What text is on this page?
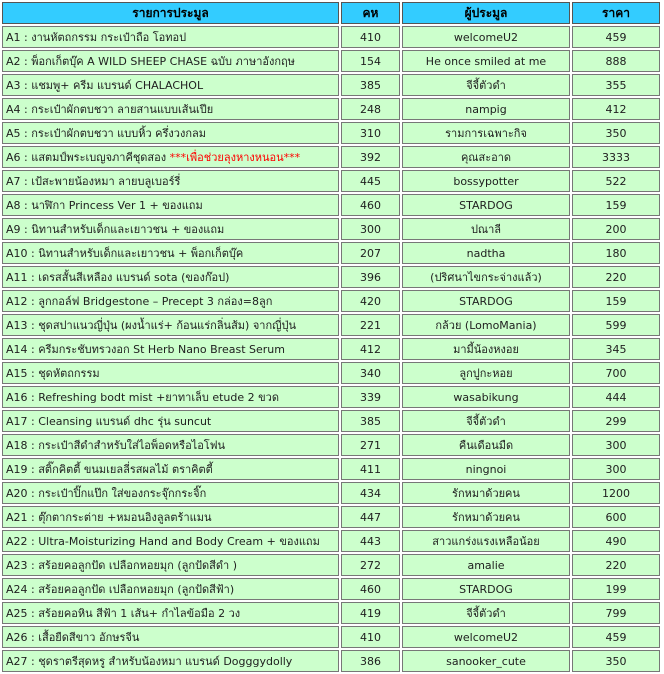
รายการประมูล	คห	ผู้ประมูล	ราคา
A1 : งานหัตถกรรม กระเป๋าถือ โอทอป	410	welcomeU2	459
A2 : พ็อกเก็ตบุ๊ค A WILD SHEEP CHASE ฉบับ ภาษาอังกฤษ	154	He once smiled at me	888
A3 : แชมพู+ ครีม แบรนด์ CHALACHOL	385	จีจี้ตัวดำ	355
A4 : กระเป๋าผักตบชวา ลายสานแบบเส้นเปีย	248	nampig	412
A5 : กระเป๋าผักตบชวา แบบหิ้ว ครึ่งวงกลม	310	รามการเฉพาะกิจ	350
A6 : แสตมป์พระเบญจภาคีชุดสอง ***เพื่อช่วยลุงหางหนอน***	392	คุณสะอาด	3333
A7 : เป้สะพายน้องหมา ลายบลูเบอร์รี่	445	bossypotter	522
A8 : นาฬิกา Princess Ver 1 + ของแถม	460	STARDOG	159
A9 : นิทานสำหรับเด็กและเยาวชน + ของแถม	300	ปณาลี	200
A10 : นิทานสำหรับเด็กและเยาวชน + พ็อกเก็ตบุ๊ค	207	nadtha	180
A11 : เดรสสั้นสีเหลือง แบรนด์ sota (ของก๊อป)	396	(ปริศนาไขกระจ่างแล้ว)	220
A12 : ลูกกอล์ฟ Bridgestone – Precept 3 กล่อง=8ลูก	420	STARDOG	159
A13 : ชุดสปาแนวญี่ปุ่น (ผงน้ำแร่+ ก้อนแร่กลิ่นส้ม) จากญี่ปุ่น	221	กล้วย (LomoMania)	599
A14 : ครีมกระชับทรวงอก St Herb Nano Breast Serum	412	มามี้น้องหงอย	345
A15 : ชุดหัตถกรรม	340	ลูกปูกะหอย	700
A16 : Refreshing bodt mist +ยาทาเล็บ etude 2 ขวด	339	wasabikung	444
A17 : Cleansing แบรนด์ dhc รุ่น suncut	385	จีจี้ตัวดำ	299
A18 : กระเป๋าสีดำสำหรับใส่ไอพ็อดหรือไอโฟน	271	คืนเดือนมืด	300
A19 : สติ๊กคิตตี้ ขนมเยลลี่รสผลไม้ ตราคิตตี้	411	ningnoi	300
A20 : กระเป๋าปิ๊กแป๊ก ใส่ของกระจุ๊กกระจิ๊ก	434	รักหมาด้วยคน	1200
A21 : ตุ๊กตากระต่าย +หมอนอิงลูลตร้าแมน	447	รักหมาด้วยคน	600
A22 : Ultra-Moisturizing Hand and Body Cream + ของแถม	443	สาวแกร่งแรงเหลือน้อย	490
A23 : สร้อยคอลูกปัด เปลือกหอยมุก (ลูกปัดสีดำ )	272	amalie	220
A24 : สร้อยคอลูกปัด เปลือกหอยมุก (ลูกปัดสีฟ้า)	460	STARDOG	199
A25 : สร้อยคอหิน สีฟ้า 1 เส้น+ กำไลข้อมือ 2 วง	419	จีจี้ตัวดำ	799
A26 : เสื้อยืดสีขาว อักษรจีน	410	welcomeU2	459
A27 : ชุดราตรีสุดหรู สำหรับน้องหมา แบรนด์ Dogggydolly	386	sanooker_cute	350
